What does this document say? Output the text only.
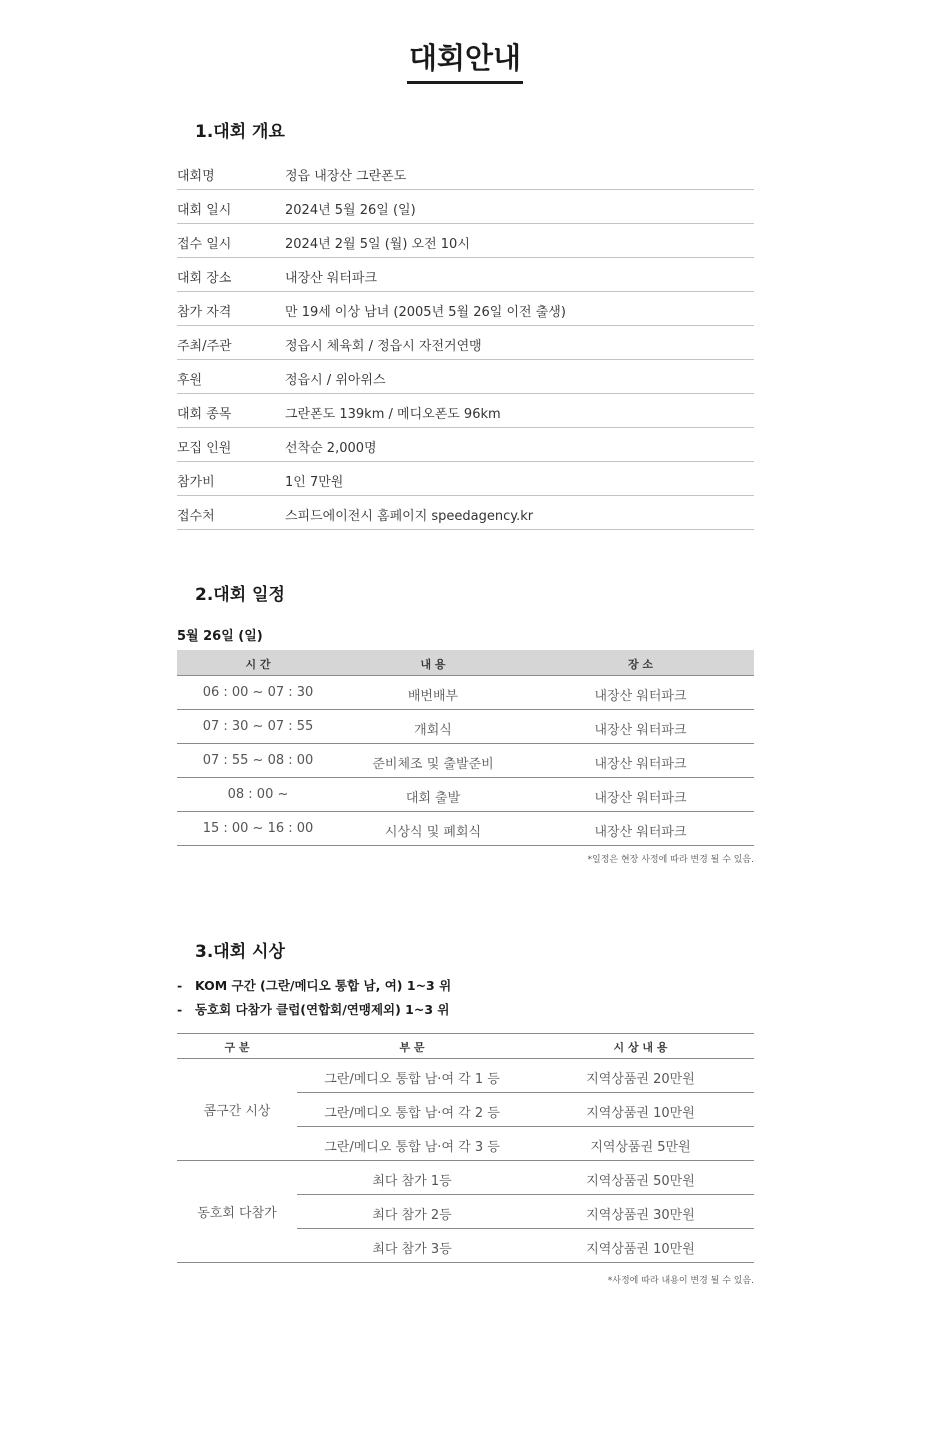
대회안내
1.대회 개요
대회명	정읍 내장산 그란폰도
대회 일시	2024년 5월 26일 (일)
접수 일시	2024년 2월 5일 (월) 오전 10시
대회 장소	내장산 워터파크
참가 자격	만 19세 이상 남녀 (2005년 5월 26일 이전 출생)
주최/주관	정읍시 체육회 / 정읍시 자전거연맹
후원	정읍시 / 위아위스
대회 종목	그란폰도 139km / 메디오폰도 96km
모집 인원	선착순 2,000명
참가비	1인 7만원
접수처	스피드에이전시 홈페이지 speedagency.kr
2.대회 일정
5월 26일 (일)
시 간	내 용	장 소
06 : 00 ~ 07 : 30	배번배부	내장산 워터파크
07 : 30 ~ 07 : 55	개회식	내장산 워터파크
07 : 55 ~ 08 : 00	준비체조 및 출발준비	내장산 워터파크
08 : 00 ~	대회 출발	내장산 워터파크
15 : 00 ~ 16 : 00	시상식 및 폐회식	내장산 워터파크
*일정은 현장 사정에 따라 변경 될 수 있음.
3.대회 시상
- KOM 구간 (그란/메디오 통합 남, 여) 1~3 위
- 동호회 다참가 클럽(연합회/연맹제외) 1~3 위
구 분	부 문	시 상 내 용
콤구간 시상
그란/메디오 통합 남·여 각 1 등	지역상품권 20만원
그란/메디오 통합 남·여 각 2 등	지역상품권 10만원
그란/메디오 통합 남·여 각 3 등	지역상품권 5만원
동호회 다참가
최다 참가 1등	지역상품권 50만원
최다 참가 2등	지역상품권 30만원
최다 참가 3등	지역상품권 10만원
*사정에 따라 내용이 변경 될 수 있음.
